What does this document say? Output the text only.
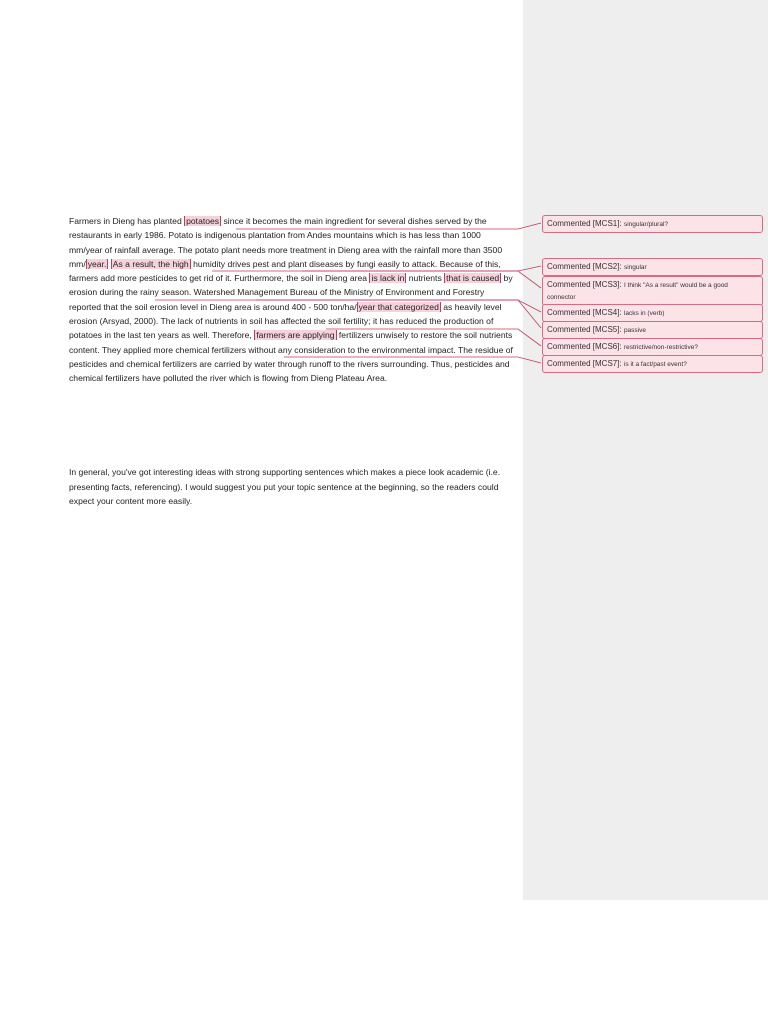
Farmers in Dieng has planted potatoes since it becomes the main ingredient for several dishes served by the restaurants in early 1986. Potato is indigenous plantation from Andes mountains which is has less than 1000 mm/year of rainfall average. The potato plant needs more treatment in Dieng area with the rainfall more than 3500 mm/ year. As a result, the high humidity drives pest and plant diseases by fungi easily to attack. Because of this, farmers add more pesticides to get rid of it. Furthermore, the soil in Dieng area is lack in nutrients that is caused by erosion during the rainy season. Watershed Management Bureau of the Ministry of Environment and Forestry reported that the soil erosion level in Dieng area is around 400 - 500 ton/ha/ year that categorized as heavily level erosion (Arsyad, 2000). The lack of nutrients in soil has affected the soil fertility; it has reduced the production of potatoes in the last ten years as well. Therefore, farmers are applying fertilizers unwisely to restore the soil nutrients content. They applied more chemical fertilizers without any consideration to the environmental impact. The residue of pesticides and chemical fertilizers are carried by water through runoff to the rivers surrounding. Thus, pesticides and chemical fertilizers have polluted the river which is flowing from Dieng Plateau Area.

In general, you've got interesting ideas with strong supporting sentences which makes a piece look academic (i.e. presenting facts, referencing). I would suggest you put your topic sentence at the beginning, so the readers could expect your content more easily.
Commented [MCS1]: singular/plural?
Commented [MCS2]: singular
Commented [MCS3]: I think "As a result" would be a good connector
Commented [MCS4]: lacks in (verb)
Commented [MCS5]: passive
Commented [MCS6]: restrictive/non-restrictive?
Commented [MCS7]: is it a fact/past event?
